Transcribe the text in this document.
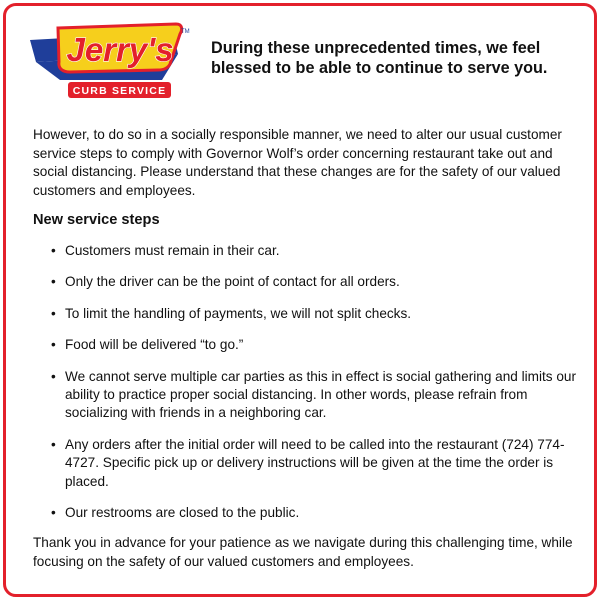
Jerry's TM
CURB SERVICE
During these unprecedented times, we feel blessed to be able to continue to serve you.
However, to do so in a socially responsible manner, we need to alter our usual customer service steps to comply with Governor Wolf’s order concerning restaurant take out and social distancing. Please understand that these changes are for the safety of our valued customers and employees.
New service steps
• Customers must remain in their car.
• Only the driver can be the point of contact for all orders.
• To limit the handling of payments, we will not split checks.
• Food will be delivered “to go.”
• We cannot serve multiple car parties as this in effect is social gathering and limits our ability to practice proper social distancing. In other words, please refrain from socializing with friends in a neighboring car.
• Any orders after the initial order will need to be called into the restaurant (724) 774-4727. Specific pick up or delivery instructions will be given at the time the order is placed.
• Our restrooms are closed to the public.
Thank you in advance for your patience as we navigate during this challenging time, while focusing on the safety of our valued customers and employees.
